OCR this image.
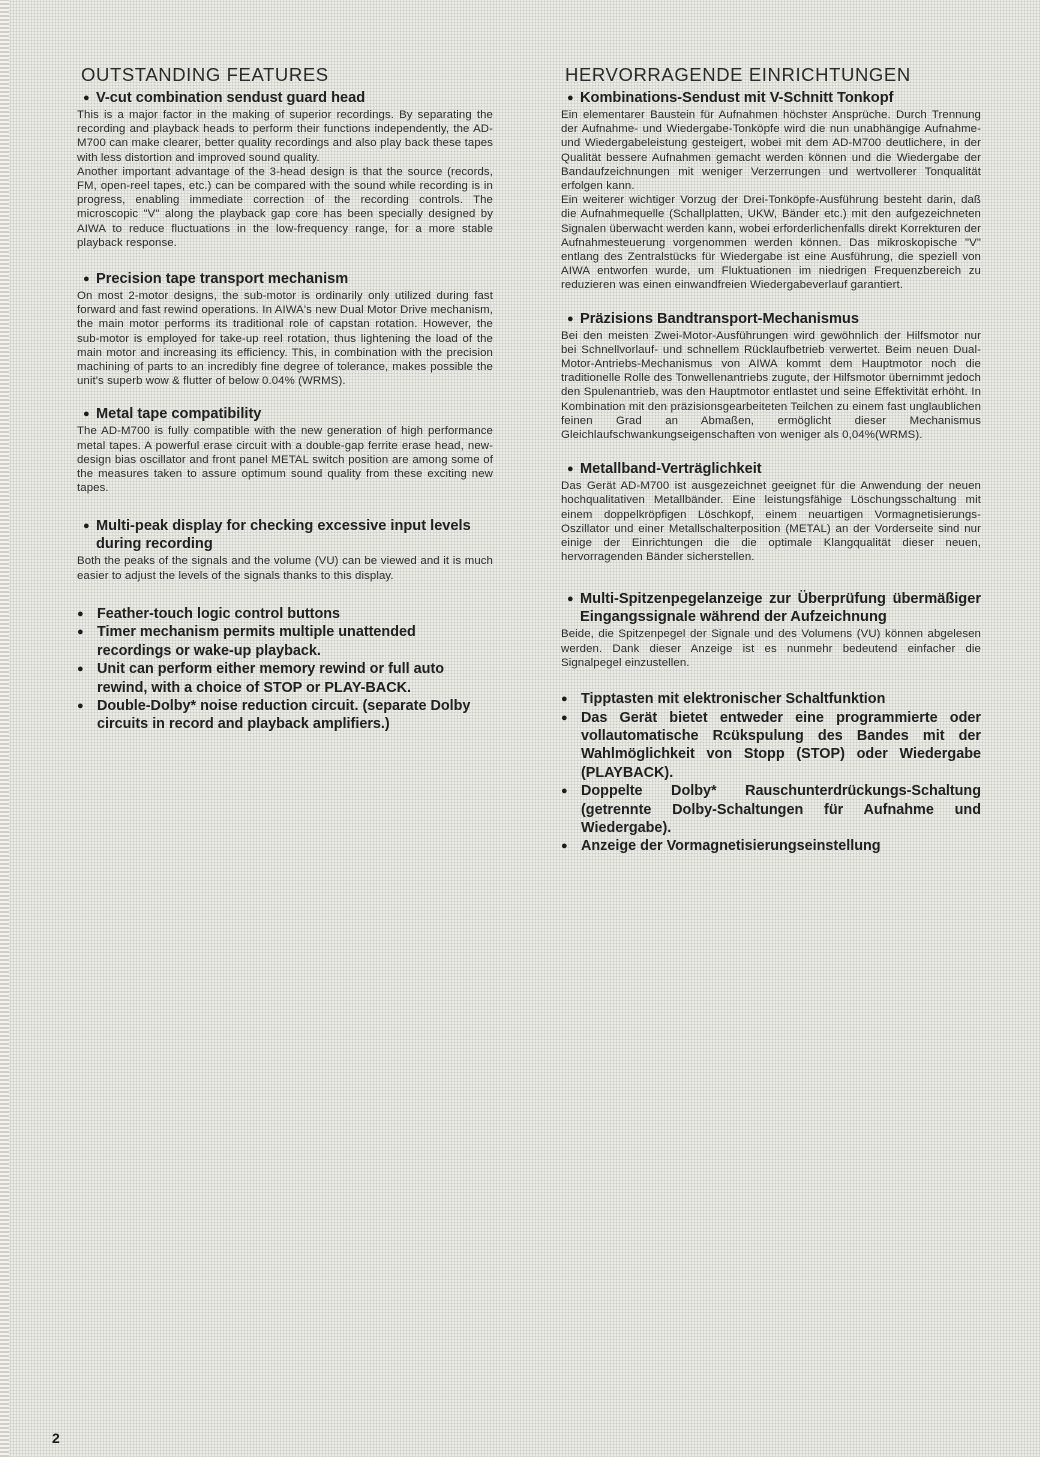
OUTSTANDING FEATURES
● V-cut combination sendust guard head

This is a major factor in the making of superior recordings. By separating the recording and playback heads to perform their functions independently, the AD-M700 can make clearer, better quality recordings and also play back these tapes with less distortion and improved sound quality.

Another important advantage of the 3-head design is that the source (records, FM, open-reel tapes, etc.) can be compared with the sound while recording is in progress, enabling immediate correction of the recording controls. The microscopic "V" along the playback gap core has been specially designed by AIWA to reduce fluctuations in the low-frequency range, for a more stable playback response.

● Precision tape transport mechanism

On most 2-motor designs, the sub-motor is ordinarily only utilized during fast forward and fast rewind operations. In AIWA's new Dual Motor Drive mechanism, the main motor performs its traditional role of capstan rotation. However, the sub-motor is employed for take-up reel rotation, thus lightening the load of the main motor and increasing its efficiency. This, in combination with the precision machining of parts to an incredibly fine degree of tolerance, makes possible the unit's superb wow & flutter of below 0.04% (WRMS).

● Metal tape compatibility

The AD-M700 is fully compatible with the new generation of high performance metal tapes. A powerful erase circuit with a double-gap ferrite erase head, new-design bias oscillator and front panel METAL switch position are among some of the measures taken to assure optimum sound quality from these exciting new tapes.

● Multi-peak display for checking excessive input levels during recording

Both the peaks of the signals and the volume (VU) can be viewed and it is much easier to adjust the levels of the signals thanks to this display.

● Feather-touch logic control buttons
● Timer mechanism permits multiple unattended recordings or wake-up playback.
● Unit can perform either memory rewind or full auto rewind, with a choice of STOP or PLAY-BACK.
● Double-Dolby* noise reduction circuit. (separate Dolby circuits in record and playback amplifiers.)
HERVORRAGENDE EINRICHTUNGEN
● Kombinations-Sendust mit V-Schnitt Tonkopf

Ein elementarer Baustein für Aufnahmen höchster Ansprüche. Durch Trennung der Aufnahme- und Wiedergabe-Tonköpfe wird die nun unabhängige Aufnahme- und Wiedergabeleistung gesteigert, wobei mit dem AD-M700 deutlichere, in der Qualität bessere Aufnahmen gemacht werden können und die Wiedergabe der Bandaufzeichnungen mit weniger Verzerrungen und wertvollerer Tonqualität erfolgen kann.

Ein weiterer wichtiger Vorzug der Drei-Tonköpfe-Ausführung besteht darin, daß die Aufnahmequelle (Schallplatten, UKW, Bänder etc.) mit den aufgezeichneten Signalen überwacht werden kann, wobei erforderlichenfalls direkt Korrekturen der Aufnahmesteuerung vorgenommen werden können. Das mikroskopische "V" entlang des Zentralstücks für Wiedergabe ist eine Ausführung, die speziell von AIWA entworfen wurde, um Fluktuationen im niedrigen Frequenzbereich zu reduzieren was einen einwandfreien Wiedergabeverlauf garantiert.

● Präzisions Bandtransport-Mechanismus

Bei den meisten Zwei-Motor-Ausführungen wird gewöhnlich der Hilfsmotor nur bei Schnellvorlauf- und schnellem Rücklaufbetrieb verwertet. Beim neuen Dual-Motor-Antriebs-Mechanismus von AIWA kommt dem Hauptmotor noch die traditionelle Rolle des Tonwellenantriebs zugute, der Hilfsmotor übernimmt jedoch den Spulenantrieb, was den Hauptmotor entlastet und seine Effektivität erhöht. In Kombination mit den präzisionsgearbeiteten Teilchen zu einem fast unglaublichen feinen Grad an Abmaßen, ermöglicht dieser Mechanismus Gleichlaufschwankungseigenschaften von weniger als 0,04%(WRMS).

● Metallband-Verträglichkeit

Das Gerät AD-M700 ist ausgezeichnet geeignet für die Anwendung der neuen hochqualitativen Metallbänder. Eine leistungsfähige Löschungsschaltung mit einem doppelkröpfigen Löschkopf, einem neuartigen Vormagnetisierungs-Oszillator und einer Metallschalterposition (METAL) an der Vorderseite sind nur einige der Einrichtungen die die optimale Klangqualität dieser neuen, hervorragenden Bänder sicherstellen.

● Multi-Spitzenpegelanzeige zur Überprüfung übermäßiger Eingangssignale während der Aufzeichnung

Beide, die Spitzenpegel der Signale und des Volumens (VU) können abgelesen werden. Dank dieser Anzeige ist es nunmehr bedeutend einfacher die Signalpegel einzustellen.

● Tipptasten mit elektronischer Schaltfunktion
● Das Gerät bietet entweder eine programmierte oder vollautomatische Rcükspulung des Bandes mit der Wahlmöglichkeit von Stopp (STOP) oder Wiedergabe (PLAYBACK).
● Doppelte Dolby* Rauschunterdrückungs-Schaltung (getrennte Dolby-Schaltungen für Aufnahme und Wiedergabe).
● Anzeige der Vormagnetisierungseinstellung
2
